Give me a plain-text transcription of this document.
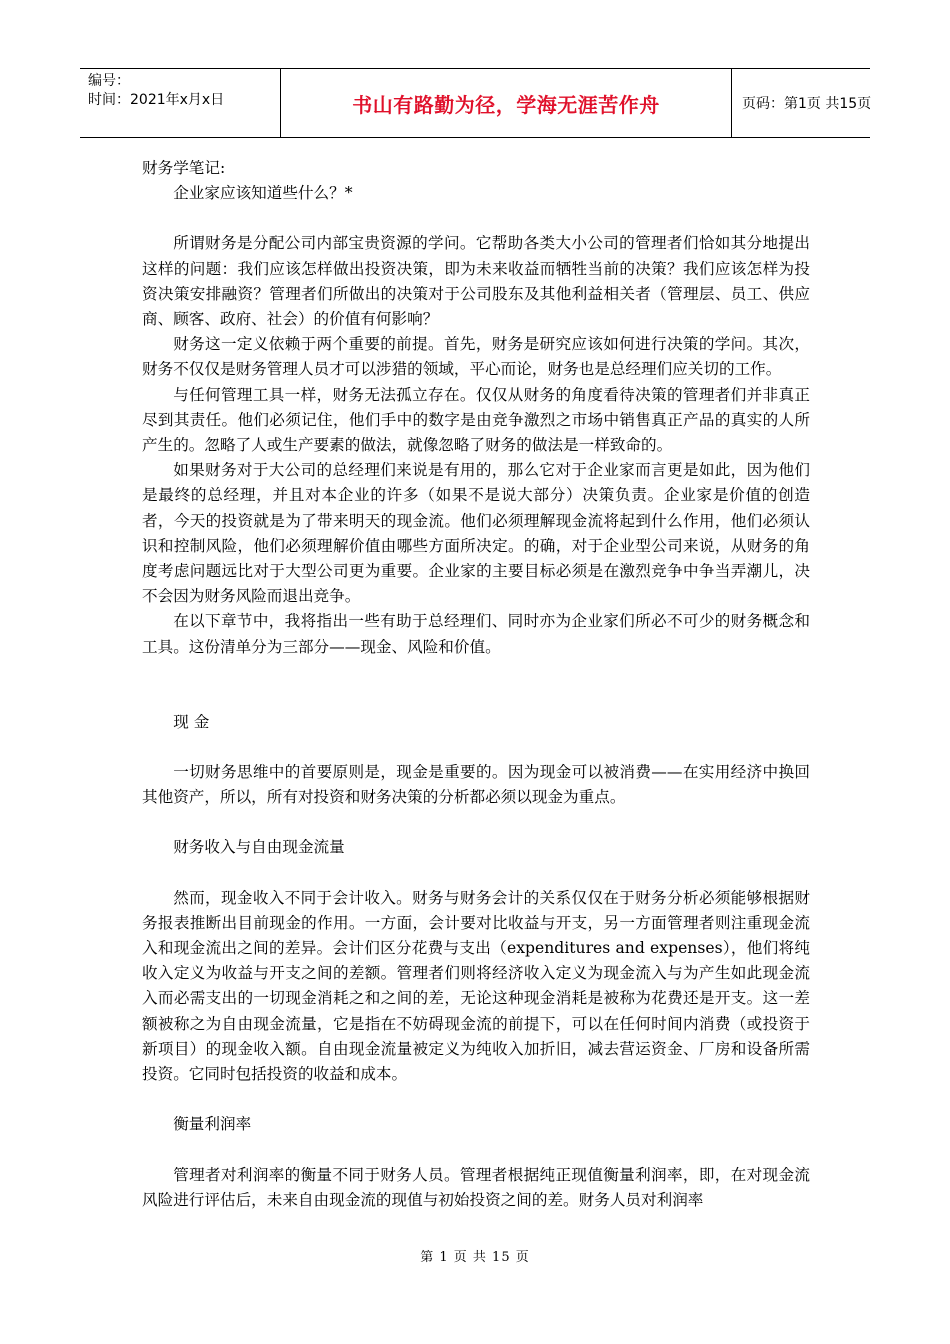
编号：
时间：2021年x月x日	书山有路勤为径，学海无涯苦作舟	页码：第1页 共15页

财务学笔记:

企业家应该知道些什么？*

所谓财务是分配公司内部宝贵资源的学问。它帮助各类大小公司的管理者们恰如其分地提出这样的问题：我们应该怎样做出投资决策，即为未来收益而牺牲当前的决策？我们应该怎样为投资决策安排融资？管理者们所做出的决策对于公司股东及其他利益相关者（管理层、员工、供应商、顾客、政府、社会）的价值有何影响？

财务这一定义依赖于两个重要的前提。首先，财务是研究应该如何进行决策的学问。其次，财务不仅仅是财务管理人员才可以涉猎的领域，平心而论，财务也是总经理们应关切的工作。

与任何管理工具一样，财务无法孤立存在。仅仅从财务的角度看待决策的管理者们并非真正尽到其责任。他们必须记住，他们手中的数字是由竞争激烈之市场中销售真正产品的真实的人所产生的。忽略了人或生产要素的做法，就像忽略了财务的做法是一样致命的。

如果财务对于大公司的总经理们来说是有用的，那么它对于企业家而言更是如此，因为他们是最终的总经理，并且对本企业的许多（如果不是说大部分）决策负责。企业家是价值的创造者，今天的投资就是为了带来明天的现金流。他们必须理解现金流将起到什么作用，他们必须认识和控制风险，他们必须理解价值由哪些方面所决定。的确，对于企业型公司来说，从财务的角度考虑问题远比对于大型公司更为重要。企业家的主要目标必须是在激烈竞争中争当弄潮儿，决不会因为财务风险而退出竞争。

在以下章节中，我将指出一些有助于总经理们、同时亦为企业家们所必不可少的财务概念和工具。这份清单分为三部分——现金、风险和价值。

现 金

一切财务思维中的首要原则是，现金是重要的。因为现金可以被消费——在实用经济中换回其他资产，所以，所有对投资和财务决策的分析都必须以现金为重点。

财务收入与自由现金流量

然而，现金收入不同于会计收入。财务与财务会计的关系仅仅在于财务分析必须能够根据财务报表推断出目前现金的作用。一方面，会计要对比收益与开支，另一方面管理者则注重现金流入和现金流出之间的差异。会计们区分花费与支出（expenditures and expenses），他们将纯收入定义为收益与开支之间的差额。管理者们则将经济收入定义为现金流入与为产生如此现金流入而必需支出的一切现金消耗之和之间的差，无论这种现金消耗是被称为花费还是开支。这一差额被称之为自由现金流量，它是指在不妨碍现金流的前提下，可以在任何时间内消费（或投资于新项目）的现金收入额。自由现金流量被定义为纯收入加折旧，减去营运资金、厂房和设备所需投资。它同时包括投资的收益和成本。

衡量利润率

管理者对利润率的衡量不同于财务人员。管理者根据纯正现值衡量利润率，即，在对现金流风险进行评估后，未来自由现金流的现值与初始投资之间的差。财务人员对利润率

第 1 页 共 15 页
